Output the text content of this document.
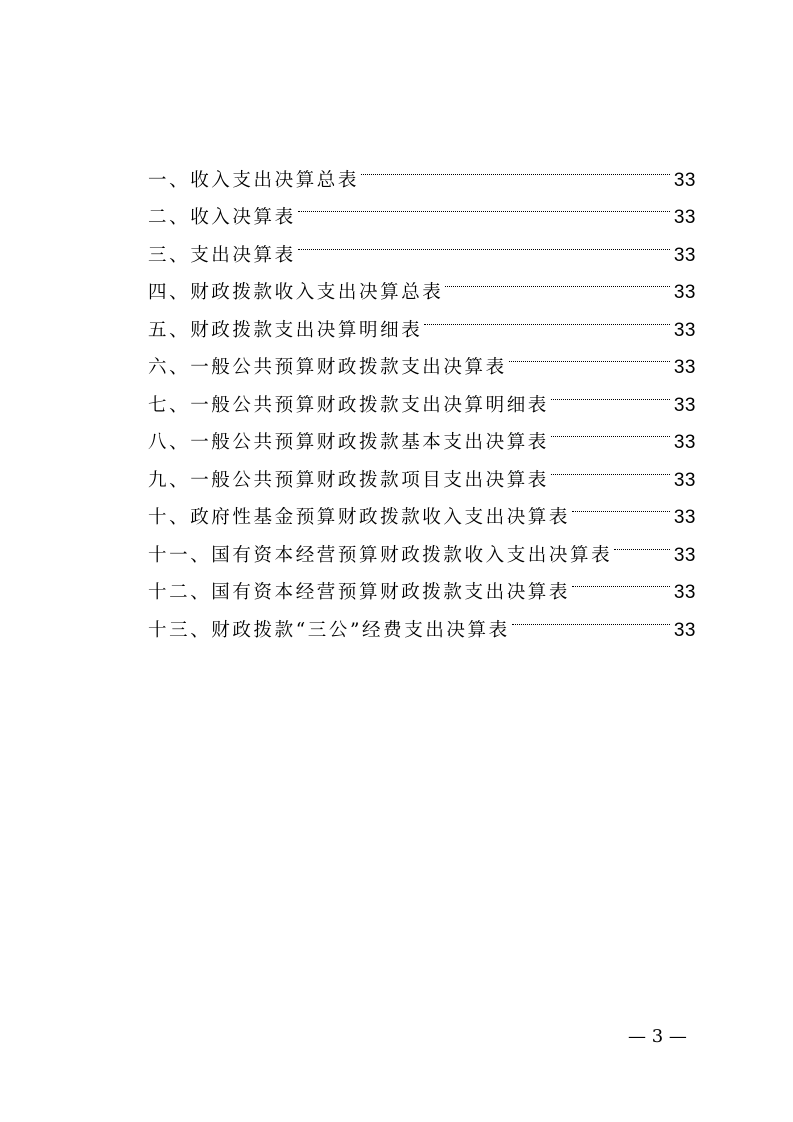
一、收入支出决算总表	33
二、收入决算表	33
三、支出决算表	33
四、财政拨款收入支出决算总表	33
五、财政拨款支出决算明细表	33
六、一般公共预算财政拨款支出决算表	33
七、一般公共预算财政拨款支出决算明细表	33
八、一般公共预算财政拨款基本支出决算表	33
九、一般公共预算财政拨款项目支出决算表	33
十、政府性基金预算财政拨款收入支出决算表	33
十一、国有资本经营预算财政拨款收入支出决算表	33
十二、国有资本经营预算财政拨款支出决算表	33
十三、财政拨款“三公”经费支出决算表	33
— 3 —
